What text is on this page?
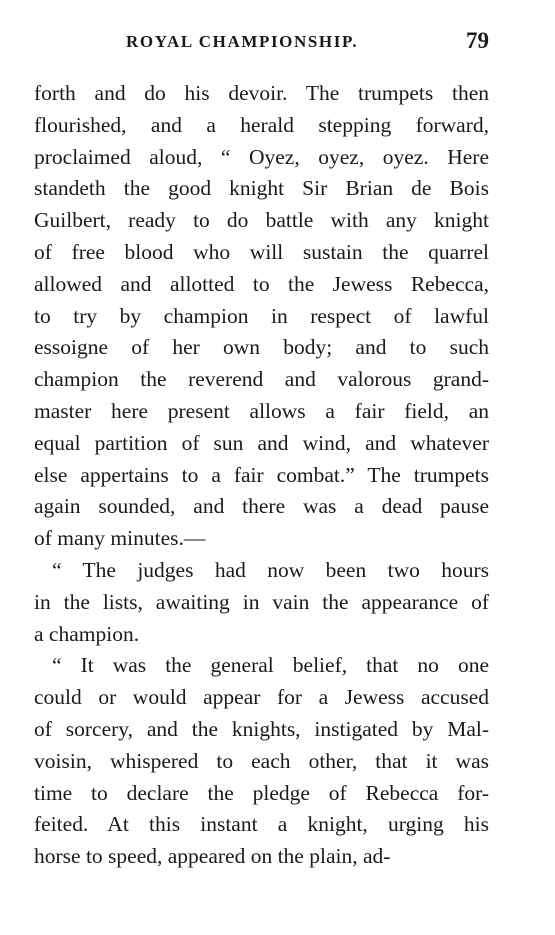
ROYAL CHAMPIONSHIP.	79
forth and do his devoir. The trumpets then
flourished, and a herald stepping forward,
proclaimed aloud, “ Oyez, oyez, oyez. Here
standeth the good knight Sir Brian de Bois
Guilbert, ready to do battle with any knight
of free blood who will sustain the quarrel
allowed and allotted to the Jewess Rebecca,
to try by champion in respect of lawful
essoigne of her own body; and to such
champion the reverend and valorous grand-
master here present allows a fair field, an
equal partition of sun and wind, and whatever
else appertains to a fair combat.” The trumpets
again sounded, and there was a dead pause
of many minutes.—
“ The judges had now been two hours
in the lists, awaiting in vain the appearance of
a champion.
“ It was the general belief, that no one
could or would appear for a Jewess accused
of sorcery, and the knights, instigated by Mal-
voisin, whispered to each other, that it was
time to declare the pledge of Rebecca for-
feited. At this instant a knight, urging his
horse to speed, appeared on the plain, ad-
